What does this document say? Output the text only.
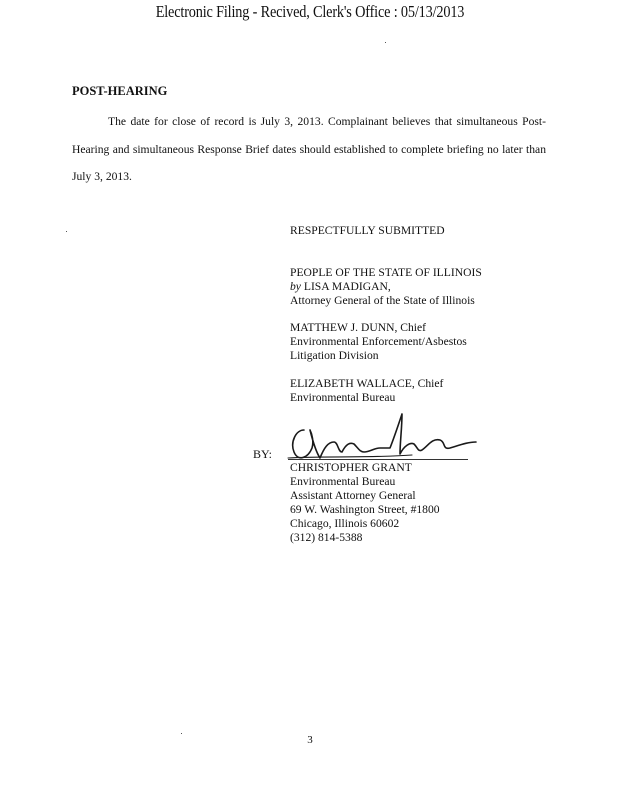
Electronic Filing - Recived, Clerk's Office : 05/13/2013
POST-HEARING
The date for close of record is July 3, 2013. Complainant believes that simultaneous Post-Hearing and simultaneous Response Brief dates should established to complete briefing no later than July 3, 2013.
RESPECTFULLY SUBMITTED
PEOPLE OF THE STATE OF ILLINOIS
by LISA MADIGAN,
Attorney General of the State of Illinois
MATTHEW J. DUNN, Chief
Environmental Enforcement/Asbestos
Litigation Division
ELIZABETH WALLACE, Chief
Environmental Bureau
BY:
CHRISTOPHER GRANT
Environmental Bureau
Assistant Attorney General
69 W. Washington Street, #1800
Chicago, Illinois 60602
(312) 814-5388
3
